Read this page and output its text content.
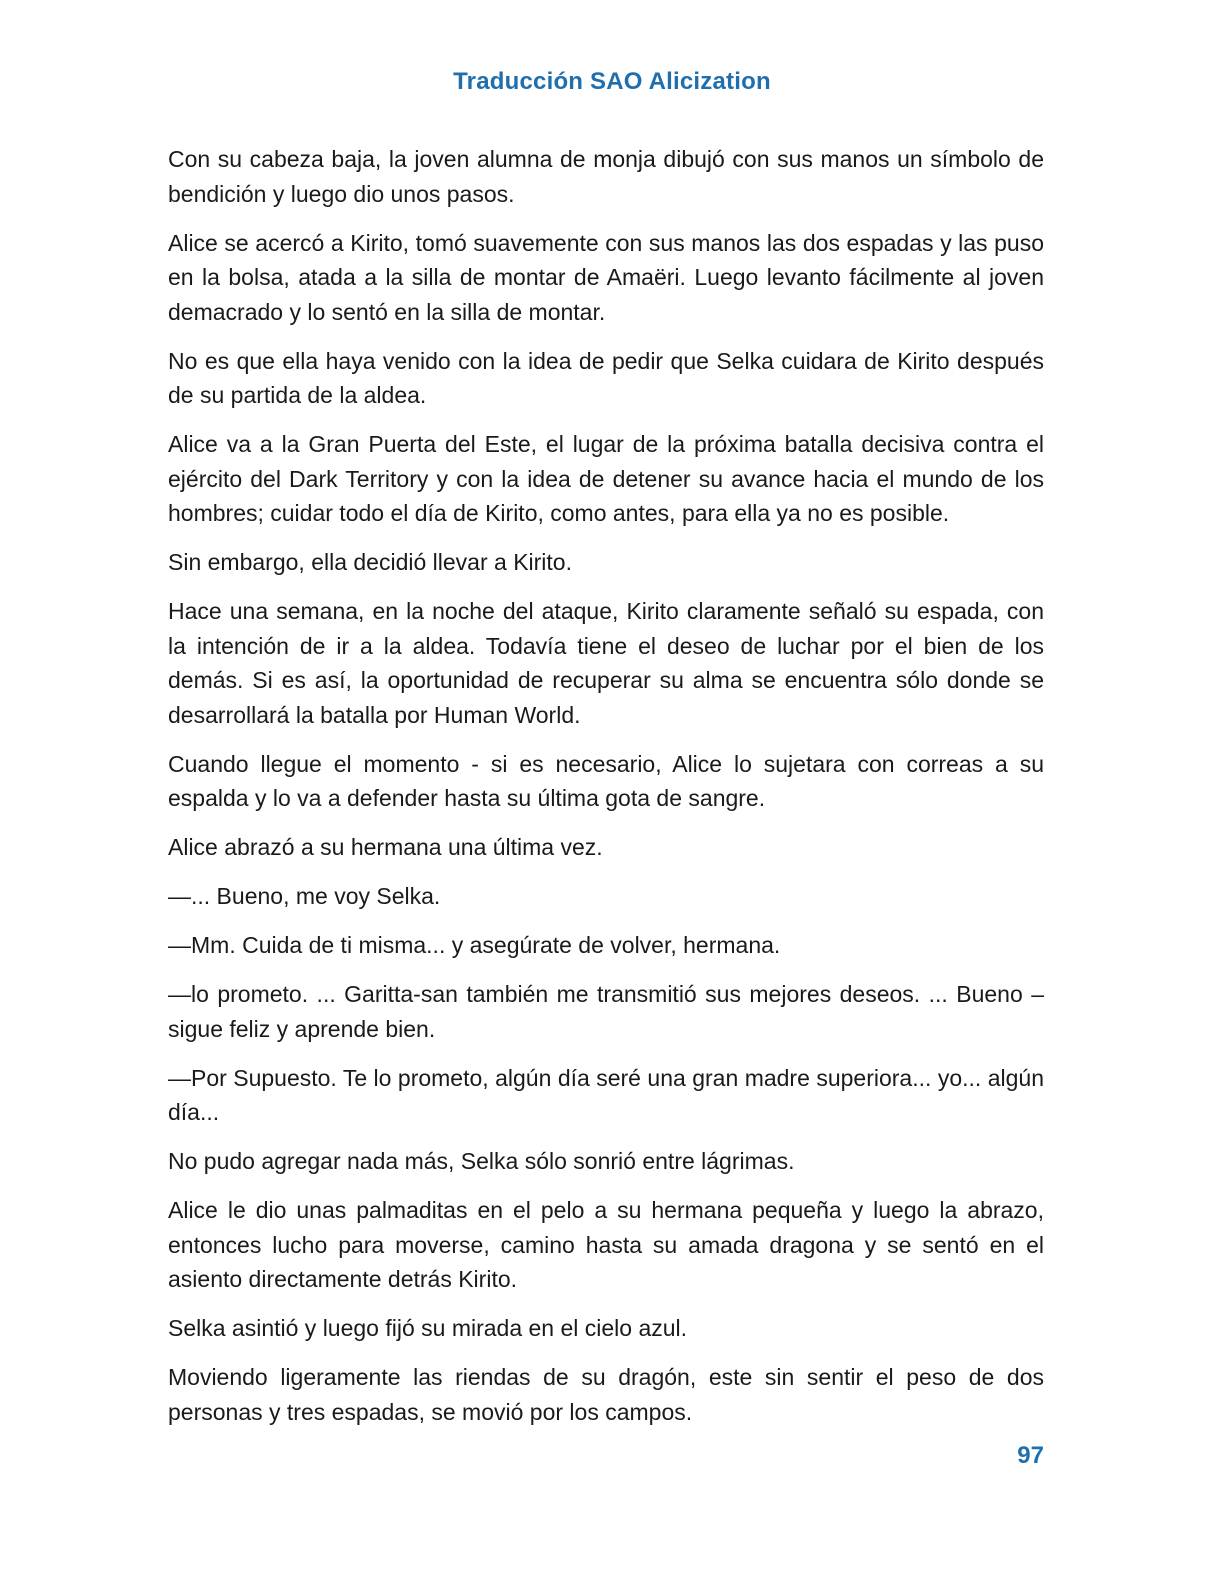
Traducción SAO Alicization

Con su cabeza baja, la joven alumna de monja dibujó con sus manos un símbolo de bendición y luego dio unos pasos.

Alice se acercó a Kirito, tomó suavemente con sus manos las dos espadas y las puso en la bolsa, atada a la silla de montar de Amaëri. Luego levanto fácilmente al joven demacrado y lo sentó en la silla de montar.

No es que ella haya venido con la idea de pedir que Selka cuidara de Kirito después de su partida de la aldea.

Alice va a la Gran Puerta del Este, el lugar de la próxima batalla decisiva contra el ejército del Dark Territory y con la idea de detener su avance hacia el mundo de los hombres; cuidar todo el día de Kirito, como antes, para ella ya no es posible.

Sin embargo, ella decidió llevar a Kirito.

Hace una semana, en la noche del ataque, Kirito claramente señaló su espada, con la intención de ir a la aldea. Todavía tiene el deseo de luchar por el bien de los demás. Si es así, la oportunidad de recuperar su alma se encuentra sólo donde se desarrollará la batalla por Human World.

Cuando llegue el momento - si es necesario, Alice lo sujetara con correas a su espalda y lo va a defender hasta su última gota de sangre.

Alice abrazó a su hermana una última vez.

—... Bueno, me voy Selka.

—Mm. Cuida de ti misma... y asegúrate de volver, hermana.

—lo prometo. ... Garitta-san también me transmitió sus mejores deseos. ... Bueno – sigue feliz y aprende bien.

—Por Supuesto. Te lo prometo, algún día seré una gran madre superiora... yo... algún día...

No pudo agregar nada más, Selka sólo sonrió entre lágrimas.

Alice le dio unas palmaditas en el pelo a su hermana pequeña y luego la abrazo, entonces lucho para moverse, camino hasta su amada dragona y se sentó en el asiento directamente detrás Kirito.

Selka asintió y luego fijó su mirada en el cielo azul.

Moviendo ligeramente las riendas de su dragón, este sin sentir el peso de dos personas y tres espadas, se movió por los campos.

97
